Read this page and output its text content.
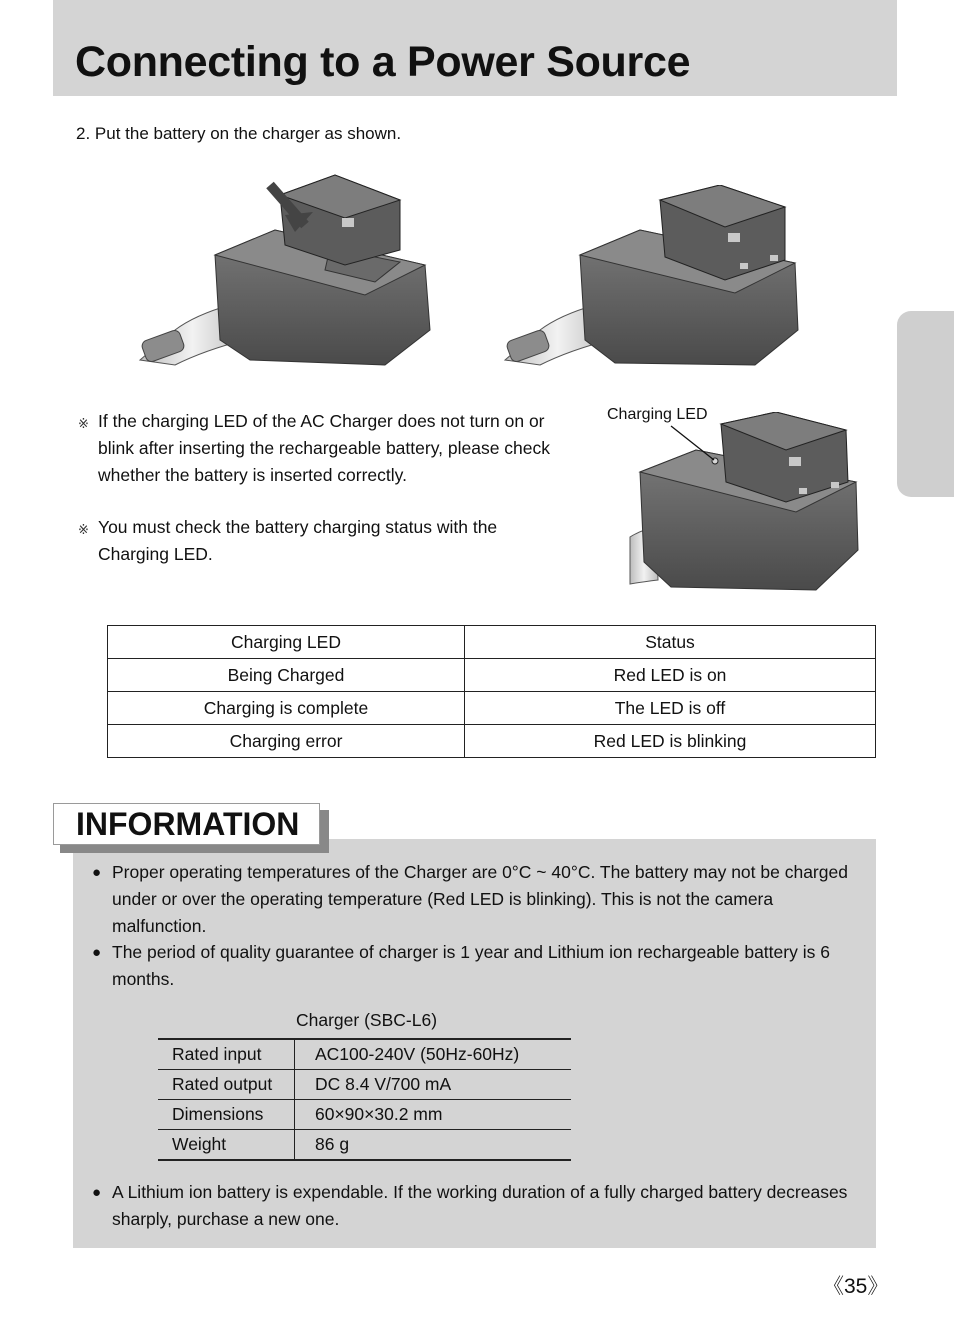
Connecting to a Power Source

2. Put the battery on the charger as shown.

Charging LED

※ If the charging LED of the AC Charger does not turn on or blink after inserting the rechargeable battery, please check whether the battery is inserted correctly.
※ You must check the battery charging status with the Charging LED.
Charging LED	Status
Being Charged	Red LED is on
Charging is complete	The LED is off
Charging error	Red LED is blinking
INFORMATION
● Proper operating temperatures of the Charger are 0°C ~ 40°C. The battery may not be charged under or over the operating temperature (Red LED is blinking). This is not the camera malfunction.
● The period of quality guarantee of charger is 1 year and Lithium ion rechargeable battery is 6 months.

Charger (SBC-L6)

Rated input	AC100-240V (50Hz-60Hz)
Rated output	DC 8.4 V/700 mA
Dimensions	60×90×30.2 mm
Weight	86 g
● A Lithium ion battery is expendable. If the working duration of a fully charged battery decreases sharply, purchase a new one.

《35》
